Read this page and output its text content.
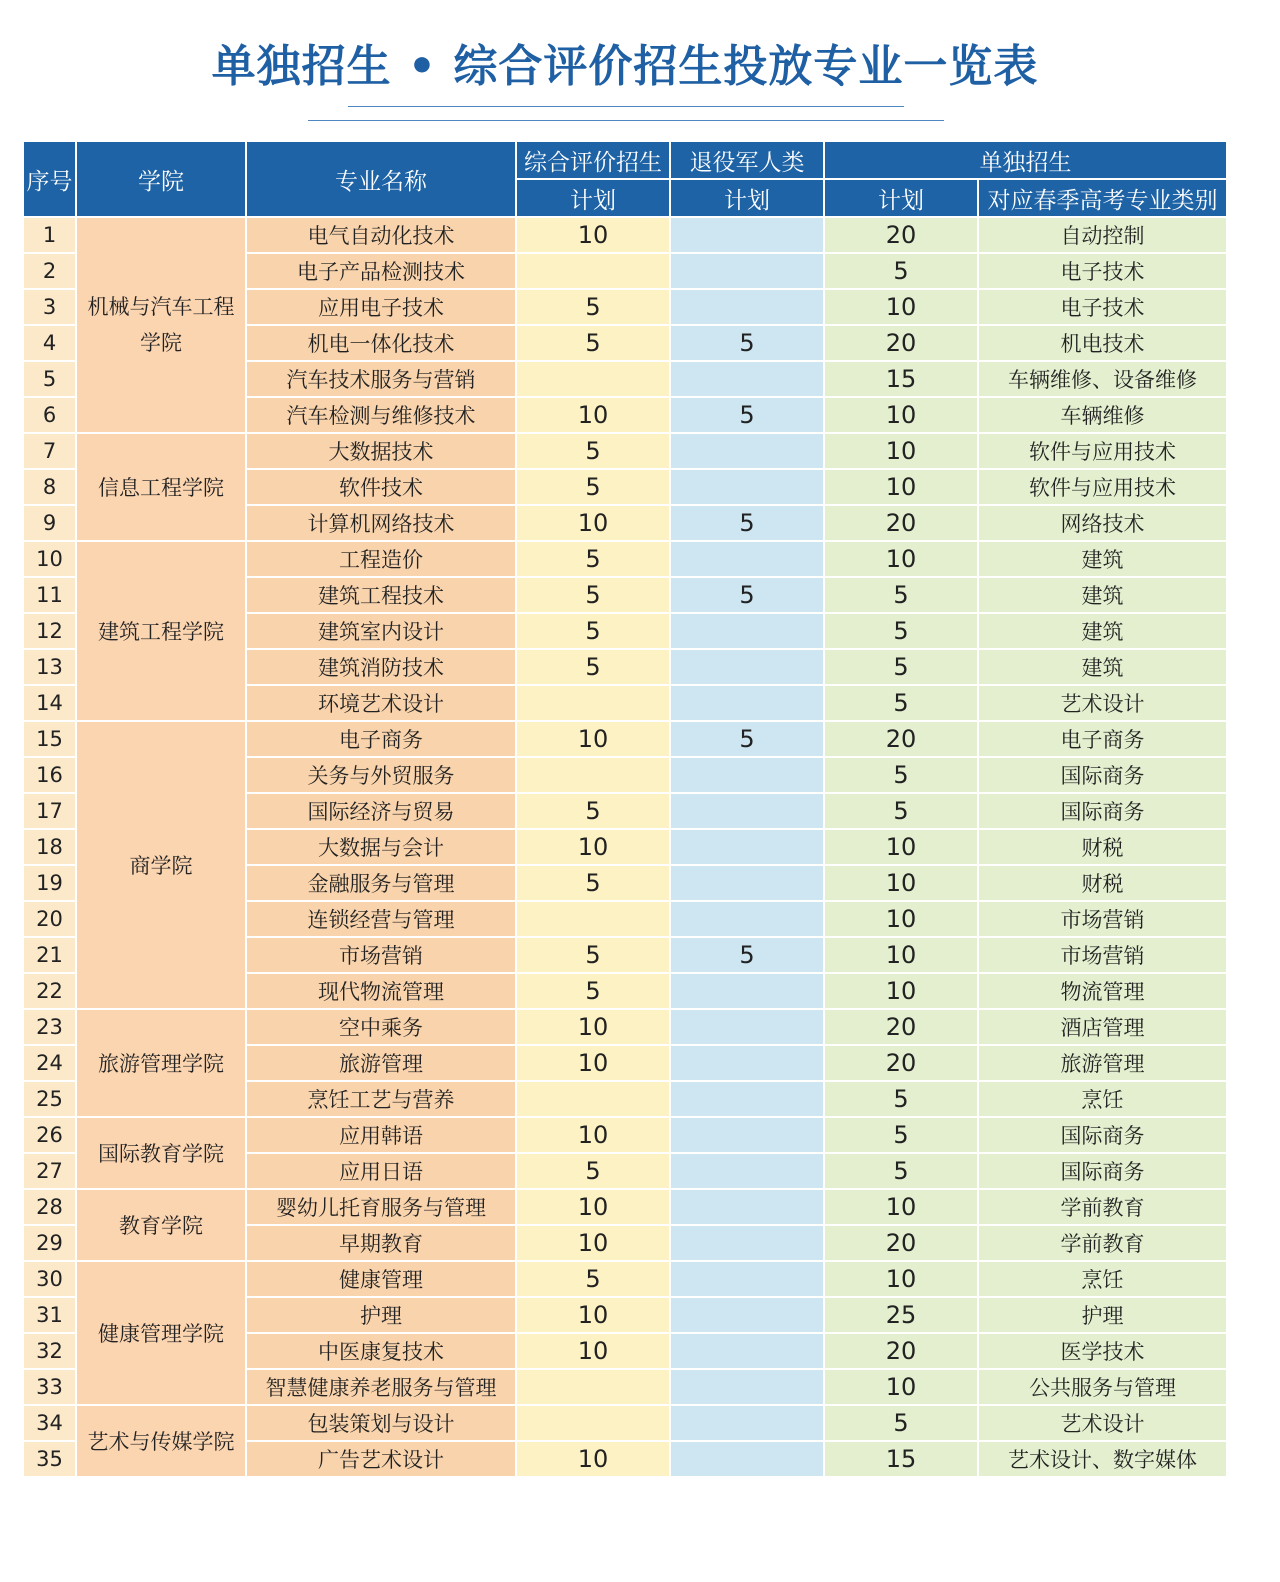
单独招生 • 综合评价招生投放专业一览表
序号	学院	专业名称	综合评价招生	退役军人类	单独招生	
			计划	计划	计划	对应春季高考专业类别
1	机械与汽车工程学院	电气自动化技术	10		20	自动控制
2		电子产品检测技术			5	电子技术
3		应用电子技术	5		10	电子技术
4		机电一体化技术	5	5	20	机电技术
5		汽车技术服务与营销			15	车辆维修、设备维修
6		汽车检测与维修技术	10	5	10	车辆维修
7	信息工程学院	大数据技术	5		10	软件与应用技术
8		软件技术	5		10	软件与应用技术
9		计算机网络技术	10	5	20	网络技术
10	建筑工程学院	工程造价	5		10	建筑
11		建筑工程技术	5	5	5	建筑
12		建筑室内设计	5		5	建筑
13		建筑消防技术	5		5	建筑
14		环境艺术设计			5	艺术设计
15	商学院	电子商务	10	5	20	电子商务
16		关务与外贸服务			5	国际商务
17		国际经济与贸易	5		5	国际商务
18		大数据与会计	10		10	财税
19		金融服务与管理	5		10	财税
20		连锁经营与管理			10	市场营销
21		市场营销	5	5	10	市场营销
22		现代物流管理	5		10	物流管理
23	旅游管理学院	空中乘务	10		20	酒店管理
24		旅游管理	10		20	旅游管理
25		烹饪工艺与营养			5	烹饪
26	国际教育学院	应用韩语	10		5	国际商务
27		应用日语	5		5	国际商务
28	教育学院	婴幼儿托育服务与管理	10		10	学前教育
29		早期教育	10		20	学前教育
30	健康管理学院	健康管理	5		10	烹饪
31		护理	10		25	护理
32		中医康复技术	10		20	医学技术
33		智慧健康养老服务与管理			10	公共服务与管理
34	艺术与传媒学院	包装策划与设计			5	艺术设计
35		广告艺术设计	10		15	艺术设计、数字媒体
